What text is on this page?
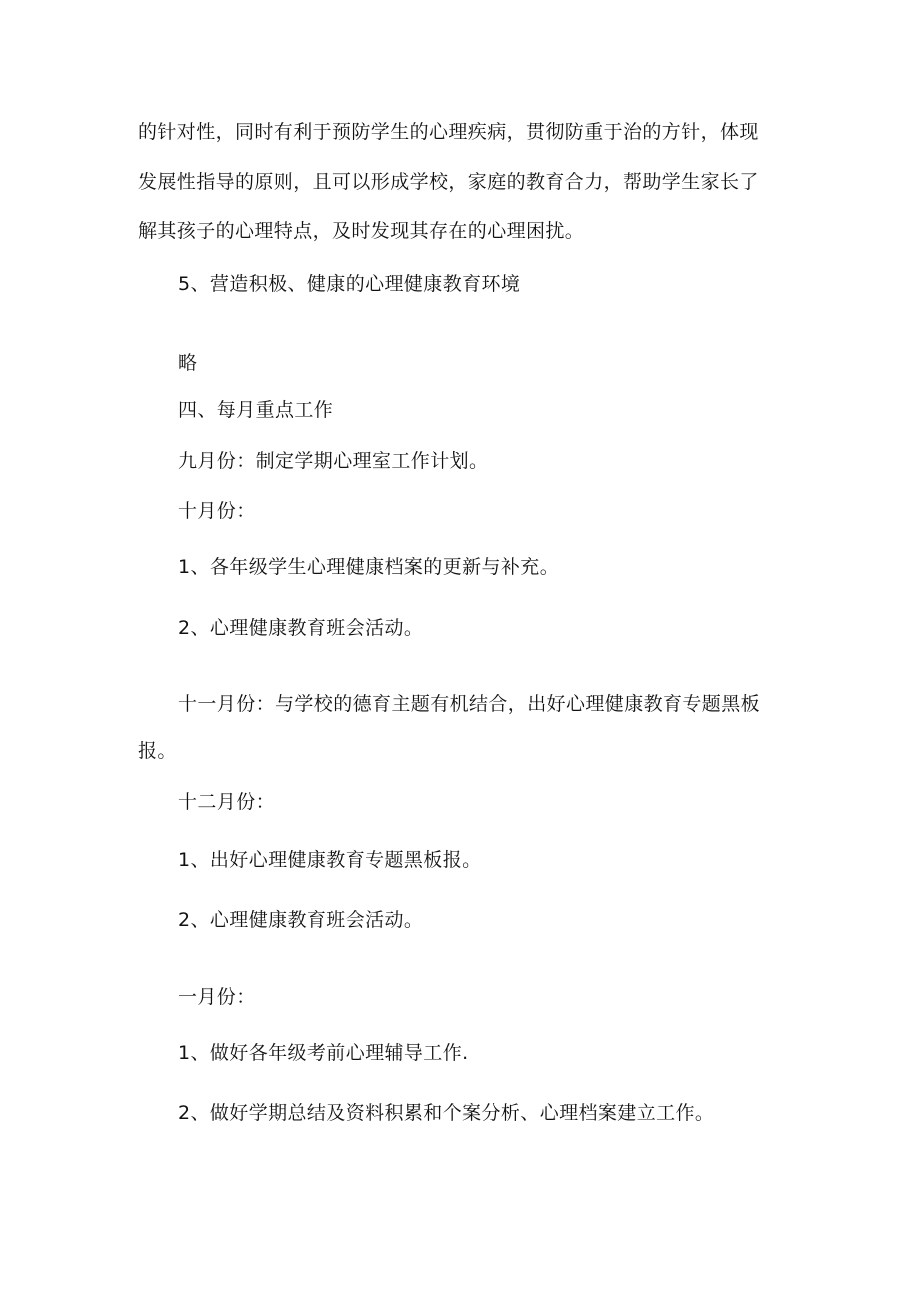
的针对性，同时有利于预防学生的心理疾病，贯彻防重于治的方针，体现
发展性指导的原则，且可以形成学校，家庭的教育合力，帮助学生家长了
解其孩子的心理特点，及时发现其存在的心理困扰。
5、营造积极、健康的心理健康教育环境
略
四、每月重点工作
九月份：制定学期心理室工作计划。
十月份：
1、各年级学生心理健康档案的更新与补充。
2、心理健康教育班会活动。
十一月份：与学校的德育主题有机结合，出好心理健康教育专题黑板
报。
十二月份：
1、出好心理健康教育专题黑板报。
2、心理健康教育班会活动。
一月份：
1、做好各年级考前心理辅导工作.
2、做好学期总结及资料积累和个案分析、心理档案建立工作。
